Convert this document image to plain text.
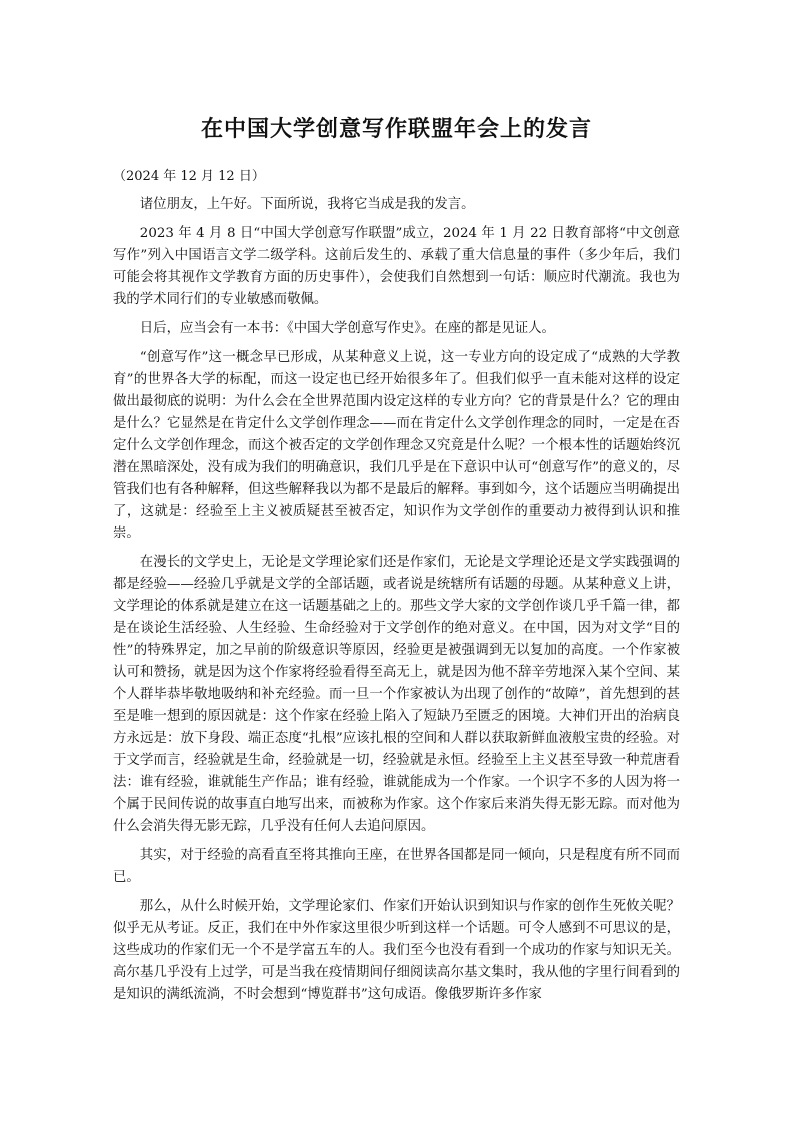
在中国大学创意写作联盟年会上的发言
（2024 年 12 月 12 日）

诸位朋友，上午好。下面所说，我将它当成是我的发言。

2023 年 4 月 8 日“中国大学创意写作联盟”成立，2024 年 1 月 22 日教育部将“中文创意写作”列入中国语言文学二级学科。这前后发生的、承载了重大信息量的事件（多少年后，我们可能会将其视作文学教育方面的历史事件），会使我们自然想到一句话：顺应时代潮流。我也为我的学术同行们的专业敏感而敬佩。

日后，应当会有一本书：《中国大学创意写作史》。在座的都是见证人。

“创意写作”这一概念早已形成，从某种意义上说，这一专业方向的设定成了“成熟的大学教育”的世界各大学的标配，而这一设定也已经开始很多年了。但我们似乎一直未能对这样的设定做出最彻底的说明：为什么会在全世界范围内设定这样的专业方向？它的背景是什么？它的理由是什么？它显然是在肯定什么文学创作理念——而在肯定什么文学创作理念的同时，一定是在否定什么文学创作理念，而这个被否定的文学创作理念又究竟是什么呢？一个根本性的话题始终沉潜在黑暗深处，没有成为我们的明确意识，我们几乎是在下意识中认可“创意写作”的意义的，尽管我们也有各种解释，但这些解释我以为都不是最后的解释。事到如今，这个话题应当明确提出了，这就是：经验至上主义被质疑甚至被否定，知识作为文学创作的重要动力被得到认识和推崇。

在漫长的文学史上，无论是文学理论家们还是作家们，无论是文学理论还是文学实践强调的都是经验——经验几乎就是文学的全部话题，或者说是统辖所有话题的母题。从某种意义上讲，文学理论的体系就是建立在这一话题基础之上的。那些文学大家的文学创作谈几乎千篇一律，都是在谈论生活经验、人生经验、生命经验对于文学创作的绝对意义。在中国，因为对文学“目的性”的特殊界定，加之早前的阶级意识等原因，经验更是被强调到无以复加的高度。一个作家被认可和赞扬，就是因为这个作家将经验看得至高无上，就是因为他不辞辛劳地深入某个空间、某个人群毕恭毕敬地吸纳和补充经验。而一旦一个作家被认为出现了创作的“故障”，首先想到的甚至是唯一想到的原因就是：这个作家在经验上陷入了短缺乃至匮乏的困境。大神们开出的治病良方永远是：放下身段、端正态度“扎根”应该扎根的空间和人群以获取新鲜血液般宝贵的经验。对于文学而言，经验就是生命，经验就是一切，经验就是永恒。经验至上主义甚至导致一种荒唐看法：谁有经验，谁就能生产作品；谁有经验，谁就能成为一个作家。一个识字不多的人因为将一个属于民间传说的故事直白地写出来，而被称为作家。这个作家后来消失得无影无踪。而对他为什么会消失得无影无踪，几乎没有任何人去追问原因。

其实，对于经验的高看直至将其推向王座，在世界各国都是同一倾向，只是程度有所不同而已。

那么，从什么时候开始，文学理论家们、作家们开始认识到知识与作家的创作生死攸关呢？似乎无从考证。反正，我们在中外作家这里很少听到这样一个话题。可令人感到不可思议的是，这些成功的作家们无一个不是学富五车的人。我们至今也没有看到一个成功的作家与知识无关。高尔基几乎没有上过学，可是当我在疫情期间仔细阅读高尔基文集时，我从他的字里行间看到的是知识的满纸流淌，不时会想到“博览群书”这句成语。像俄罗斯许多作家
